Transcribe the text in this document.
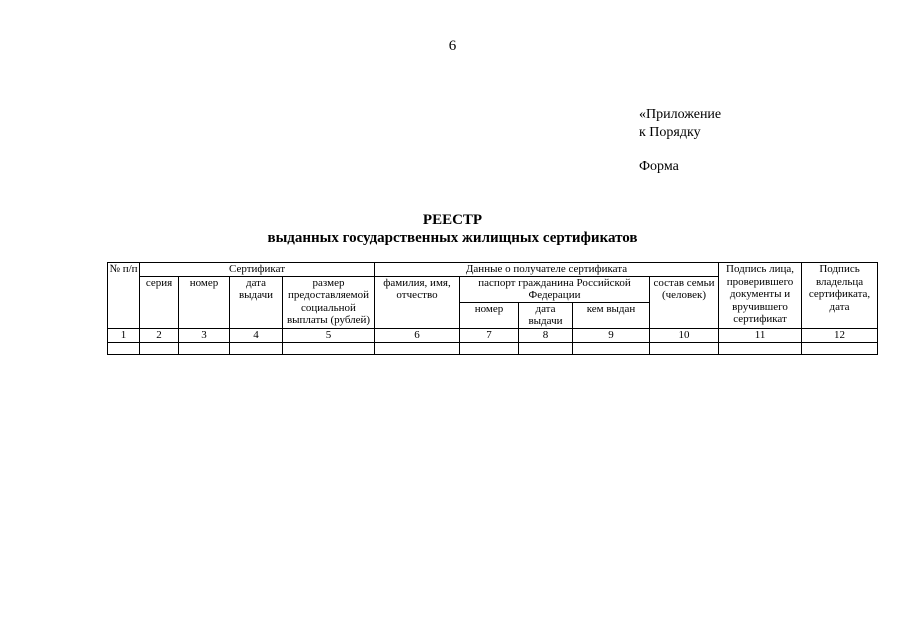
6
«Приложение
к Порядку
Форма
РЕЕСТР
выданных государственных жилищных сертификатов
№ п/п	Сертификат				Данные о получателе сертификата					Подпись лица, проверившего документы и вручившего сертификат	Подпись владельца сертификата, дата
	серия	номер	дата выдачи	размер предоставляемой социальной выплаты (рублей)	фамилия, имя, отчество	паспорт гражданина Российской Федерации			состав семьи (человек)		
						номер	дата выдачи	кем выдан			
1	2	3	4	5	6	7	8	9	10	11	12
